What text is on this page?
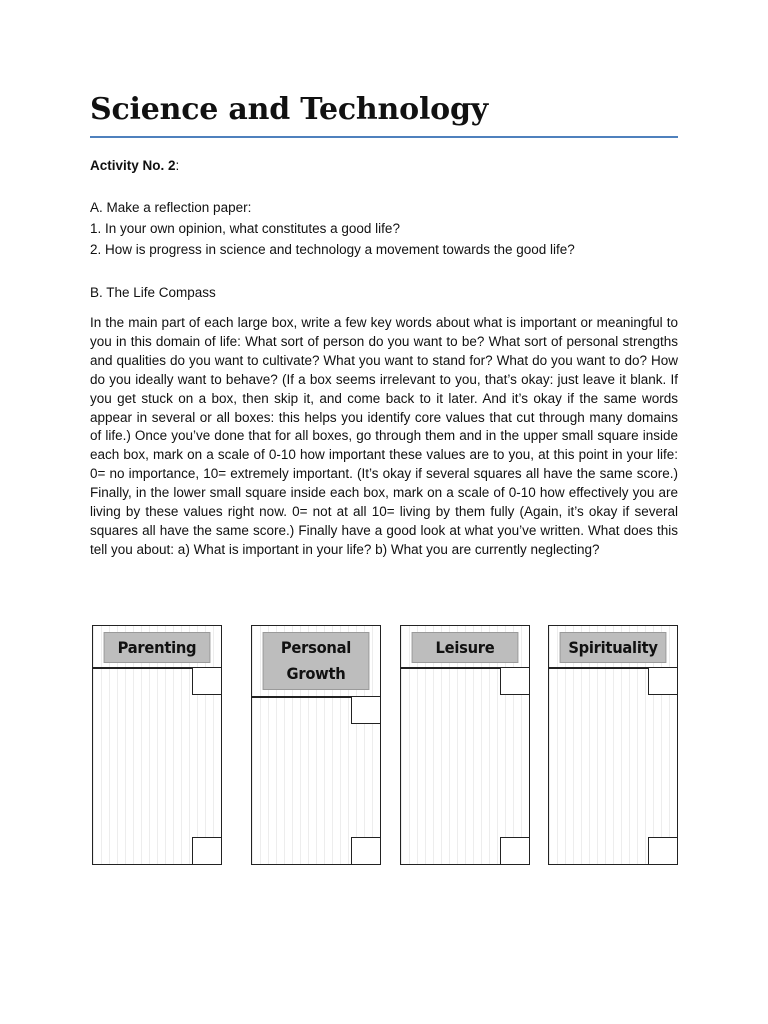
Science and Technology

Activity No. 2:

A. Make a reflection paper:
1. In your own opinion, what constitutes a good life?
2. How is progress in science and technology a movement towards the good life?

B. The Life Compass

In the main part of each large box, write a few key words about what is important or meaningful to you in this domain of life: What sort of person do you want to be? What sort of personal strengths and qualities do you want to cultivate? What you want to stand for? What do you want to do? How do you ideally want to behave? (If a box seems irrelevant to you, that’s okay: just leave it blank. If you get stuck on a box, then skip it, and come back to it later. And it’s okay if the same words appear in several or all boxes: this helps you identify core values that cut through many domains of life.) Once you’ve done that for all boxes, go through them and in the upper small square inside each box, mark on a scale of 0-10 how important these values are to you, at this point in your life: 0= no importance, 10= extremely important. (It’s okay if several squares all have the same score.) Finally, in the lower small square inside each box, mark on a scale of 0-10 how effectively you are living by these values right now. 0= not at all 10= living by them fully (Again, it’s okay if several squares all have the same score.) Finally have a good look at what you’ve written. What does this tell you about: a) What is important in your life? b) What you are currently neglecting?

Parenting	Personal Growth
Leisure	Spirituality
